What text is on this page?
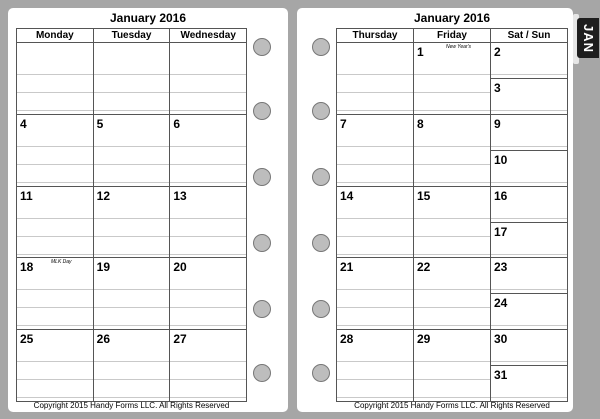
January 2016
Monday
4
11
18	MLK Day
25
Tuesday
5
12
19
26
Wednesday
6
13
20
27
Copyright 2015 Handy Forms LLC. All Rights Reserved
January 2016
Thursday
7
14
21
28
Friday
1	New Year's
8
15
22
29
Sat / Sun
2
3
9
10
16
17
23
24
30
31
Copyright 2015 Handy Forms LLC. All Rights Reserved
JAN
